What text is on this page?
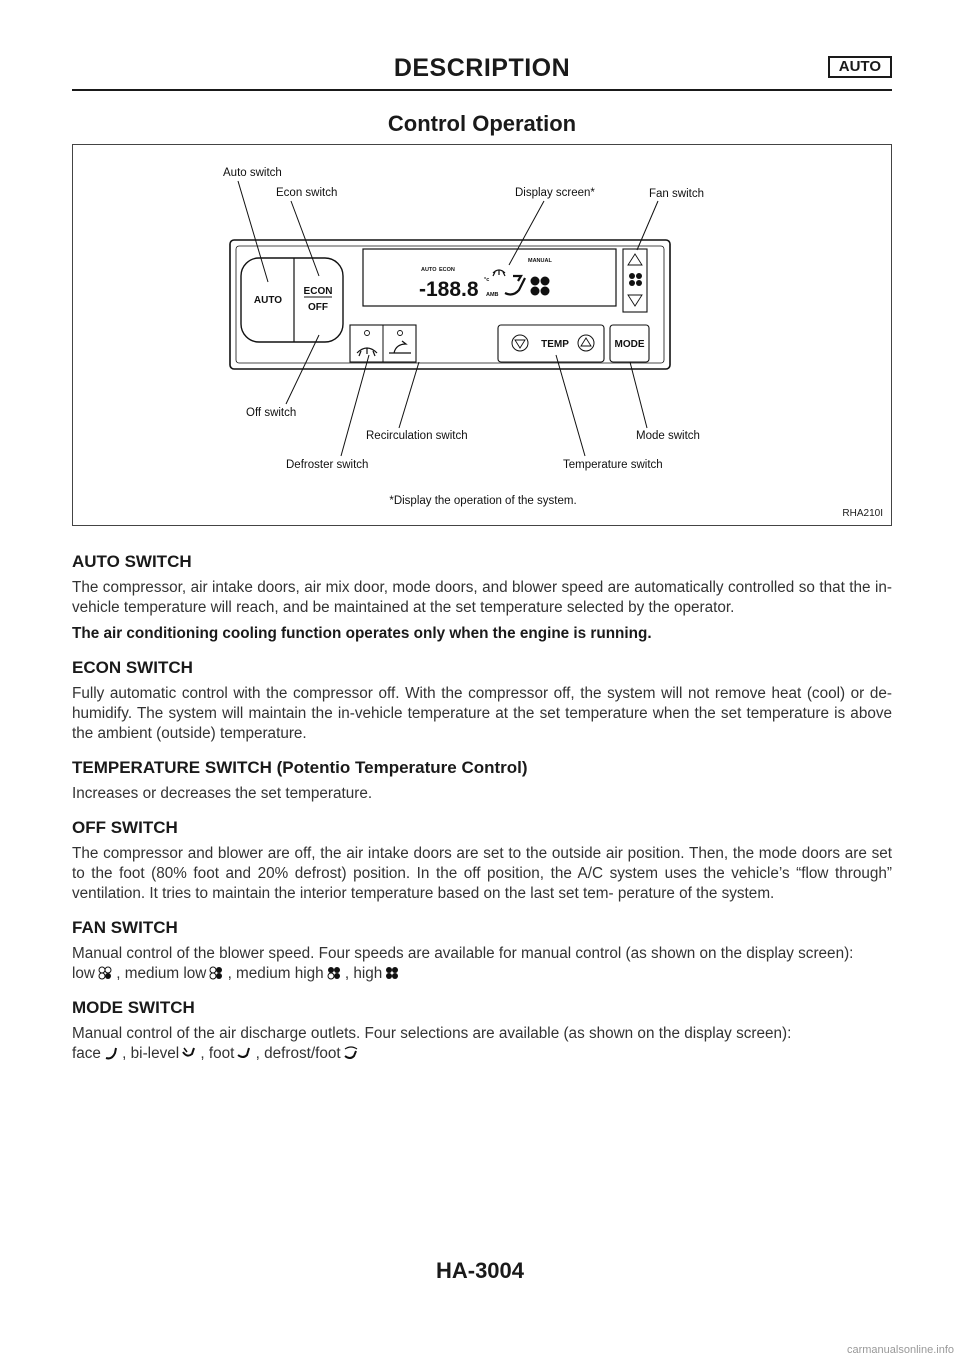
DESCRIPTION	AUTO
Control Operation
AUTO
ECON
OFF
AUTO ECON
MANUAL
-188.8 °c
AMB
TEMP	MODE
Auto switch
Econ switch	Display screen*	Fan switch
Off switch
Recirculation switch	Mode switch
Defroster switch	Temperature switch
*Display the operation of the system.
RHA210I
AUTO SWITCH
The compressor, air intake doors, air mix door, mode doors, and blower speed are automatically controlled so that the in-vehicle temperature will reach, and be maintained at the set temperature selected by the operator.
The air conditioning cooling function operates only when the engine is running.
ECON SWITCH
Fully automatic control with the compressor off. With the compressor off, the system will not remove heat (cool) or de-humidify. The system will maintain the in-vehicle temperature at the set temperature when the set temperature is above the ambient (outside) temperature.
TEMPERATURE SWITCH (Potentio Temperature Control)
Increases or decreases the set temperature.
OFF SWITCH
The compressor and blower are off, the air intake doors are set to the outside air position. Then, the mode doors are set to the foot (80% foot and 20% defrost) position. In the off position, the A/C system uses the vehicle’s “flow through” ventilation. It tries to maintain the interior temperature based on the last set tem- perature of the system.
FAN SWITCH
Manual control of the blower speed. Four speeds are available for manual control (as shown on the display screen):
low , medium low , medium high , high
MODE SWITCH
Manual control of the air discharge outlets. Four selections are available (as shown on the display screen):
face , bi-level , foot , defrost/foot
HA-3004
carmanualsonline.info
